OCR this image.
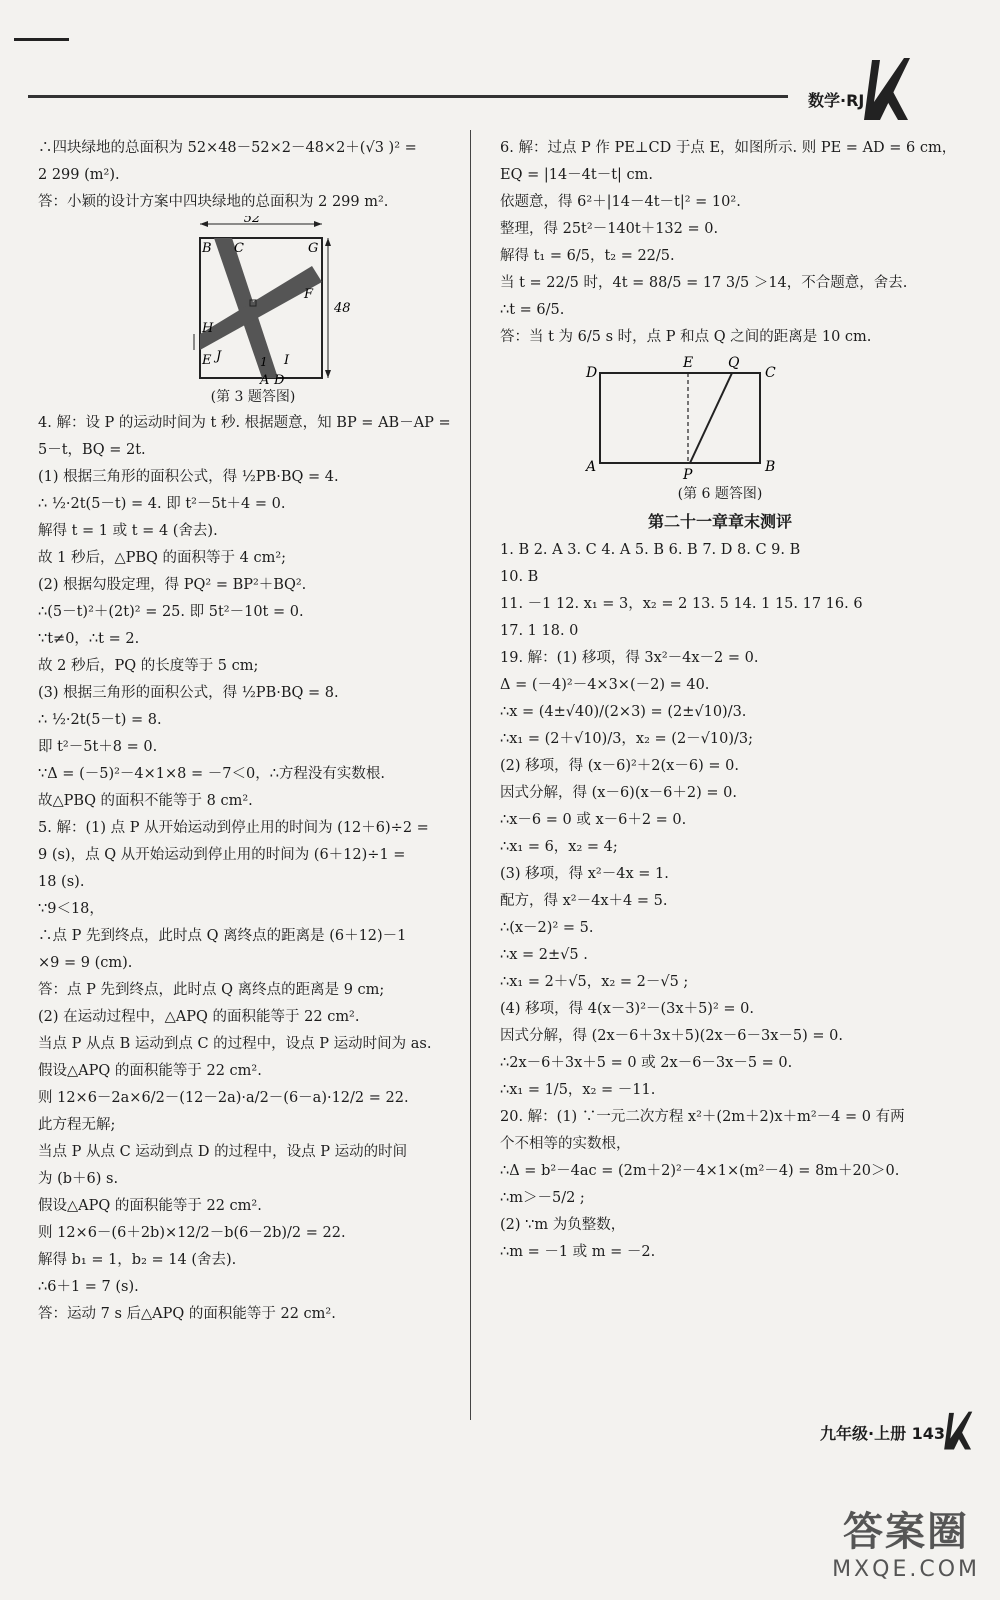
数学·RJ
∴四块绿地的总面积为 52×48－52×2－48×2＋(√3 )² =
2 299 (m²).
答：小颖的设计方案中四块绿地的总面积为 2 299 m².
52
48
B C	G
F
H
E J	1 I
A D
(第 3 题答图)
4. 解：设 P 的运动时间为 t 秒. 根据题意，知 BP = AB－AP =
5－t，BQ = 2t.
(1) 根据三角形的面积公式，得 ½PB·BQ = 4.
∴ ½·2t(5－t) = 4. 即 t²－5t＋4 = 0.
解得 t = 1 或 t = 4 (舍去).
故 1 秒后，△PBQ 的面积等于 4 cm²;
(2) 根据勾股定理，得 PQ² = BP²＋BQ².
∴(5－t)²＋(2t)² = 25. 即 5t²－10t = 0.
∵t≠0，∴t = 2.
故 2 秒后，PQ 的长度等于 5 cm;
(3) 根据三角形的面积公式，得 ½PB·BQ = 8.
∴ ½·2t(5－t) = 8.
即 t²－5t＋8 = 0.
∵Δ = (－5)²－4×1×8 = －7＜0，∴方程没有实数根.
故△PBQ 的面积不能等于 8 cm².
5. 解：(1) 点 P 从开始运动到停止用的时间为 (12＋6)÷2 =
9 (s)，点 Q 从开始运动到停止用的时间为 (6＋12)÷1 =
18 (s).
∵9＜18，
∴点 P 先到终点，此时点 Q 离终点的距离是 (6＋12)－1
×9 = 9 (cm).
答：点 P 先到终点，此时点 Q 离终点的距离是 9 cm;
(2) 在运动过程中，△APQ 的面积能等于 22 cm².
当点 P 从点 B 运动到点 C 的过程中，设点 P 运动时间为 as.
假设△APQ 的面积能等于 22 cm².
则 12×6－2a×6/2－(12－2a)·a/2－(6－a)·12/2 = 22.
此方程无解;
当点 P 从点 C 运动到点 D 的过程中，设点 P 运动的时间
为 (b＋6) s.
假设△APQ 的面积能等于 22 cm².
则 12×6－(6＋2b)×12/2－b(6－2b)/2 = 22.
解得 b₁ = 1，b₂ = 14 (舍去).
∴6＋1 = 7 (s).
答：运动 7 s 后△APQ 的面积能等于 22 cm².
6. 解：过点 P 作 PE⊥CD 于点 E，如图所示. 则 PE = AD = 6 cm，
EQ = |14－4t－t| cm.
依题意，得 6²＋|14－4t－t|² = 10².
整理，得 25t²－140t＋132 = 0.
解得 t₁ = 6/5，t₂ = 22/5.
当 t = 22/5 时，4t = 88/5 = 17 3/5 ＞14，不合题意，舍去.
∴t = 6/5.
答：当 t 为 6/5 s 时，点 P 和点 Q 之间的距离是 10 cm.
D
E Q
C
A	P	B
(第 6 题答图)
第二十一章章末测评
1. B 2. A 3. C 4. A 5. B 6. B 7. D 8. C 9. B
10. B
11. －1 12. x₁ = 3，x₂ = 2 13. 5 14. 1 15. 17 16. 6
17. 1 18. 0
19. 解：(1) 移项，得 3x²－4x－2 = 0.
Δ = (－4)²－4×3×(－2) = 40.
∴x = (4±√40)/(2×3) = (2±√10)/3.
∴x₁ = (2＋√10)/3，x₂ = (2－√10)/3;
(2) 移项，得 (x－6)²＋2(x－6) = 0.
因式分解，得 (x－6)(x－6＋2) = 0.
∴x－6 = 0 或 x－6＋2 = 0.
∴x₁ = 6，x₂ = 4;
(3) 移项，得 x²－4x = 1.
配方，得 x²－4x＋4 = 5.
∴(x－2)² = 5.
∴x = 2±√5 .
∴x₁ = 2＋√5，x₂ = 2－√5 ;
(4) 移项，得 4(x－3)²－(3x＋5)² = 0.
因式分解，得 (2x－6＋3x＋5)(2x－6－3x－5) = 0.
∴2x－6＋3x＋5 = 0 或 2x－6－3x－5 = 0.
∴x₁ = 1/5，x₂ = －11.
20. 解：(1) ∵一元二次方程 x²＋(2m＋2)x＋m²－4 = 0 有两
个不相等的实数根，
∴Δ = b²－4ac = (2m＋2)²－4×1×(m²－4) = 8m＋20＞0.
∴m＞－5/2 ;
(2) ∵m 为负整数，
∴m = －1 或 m = －2.
九年级·上册 143
答案圈
MXQE.COM
